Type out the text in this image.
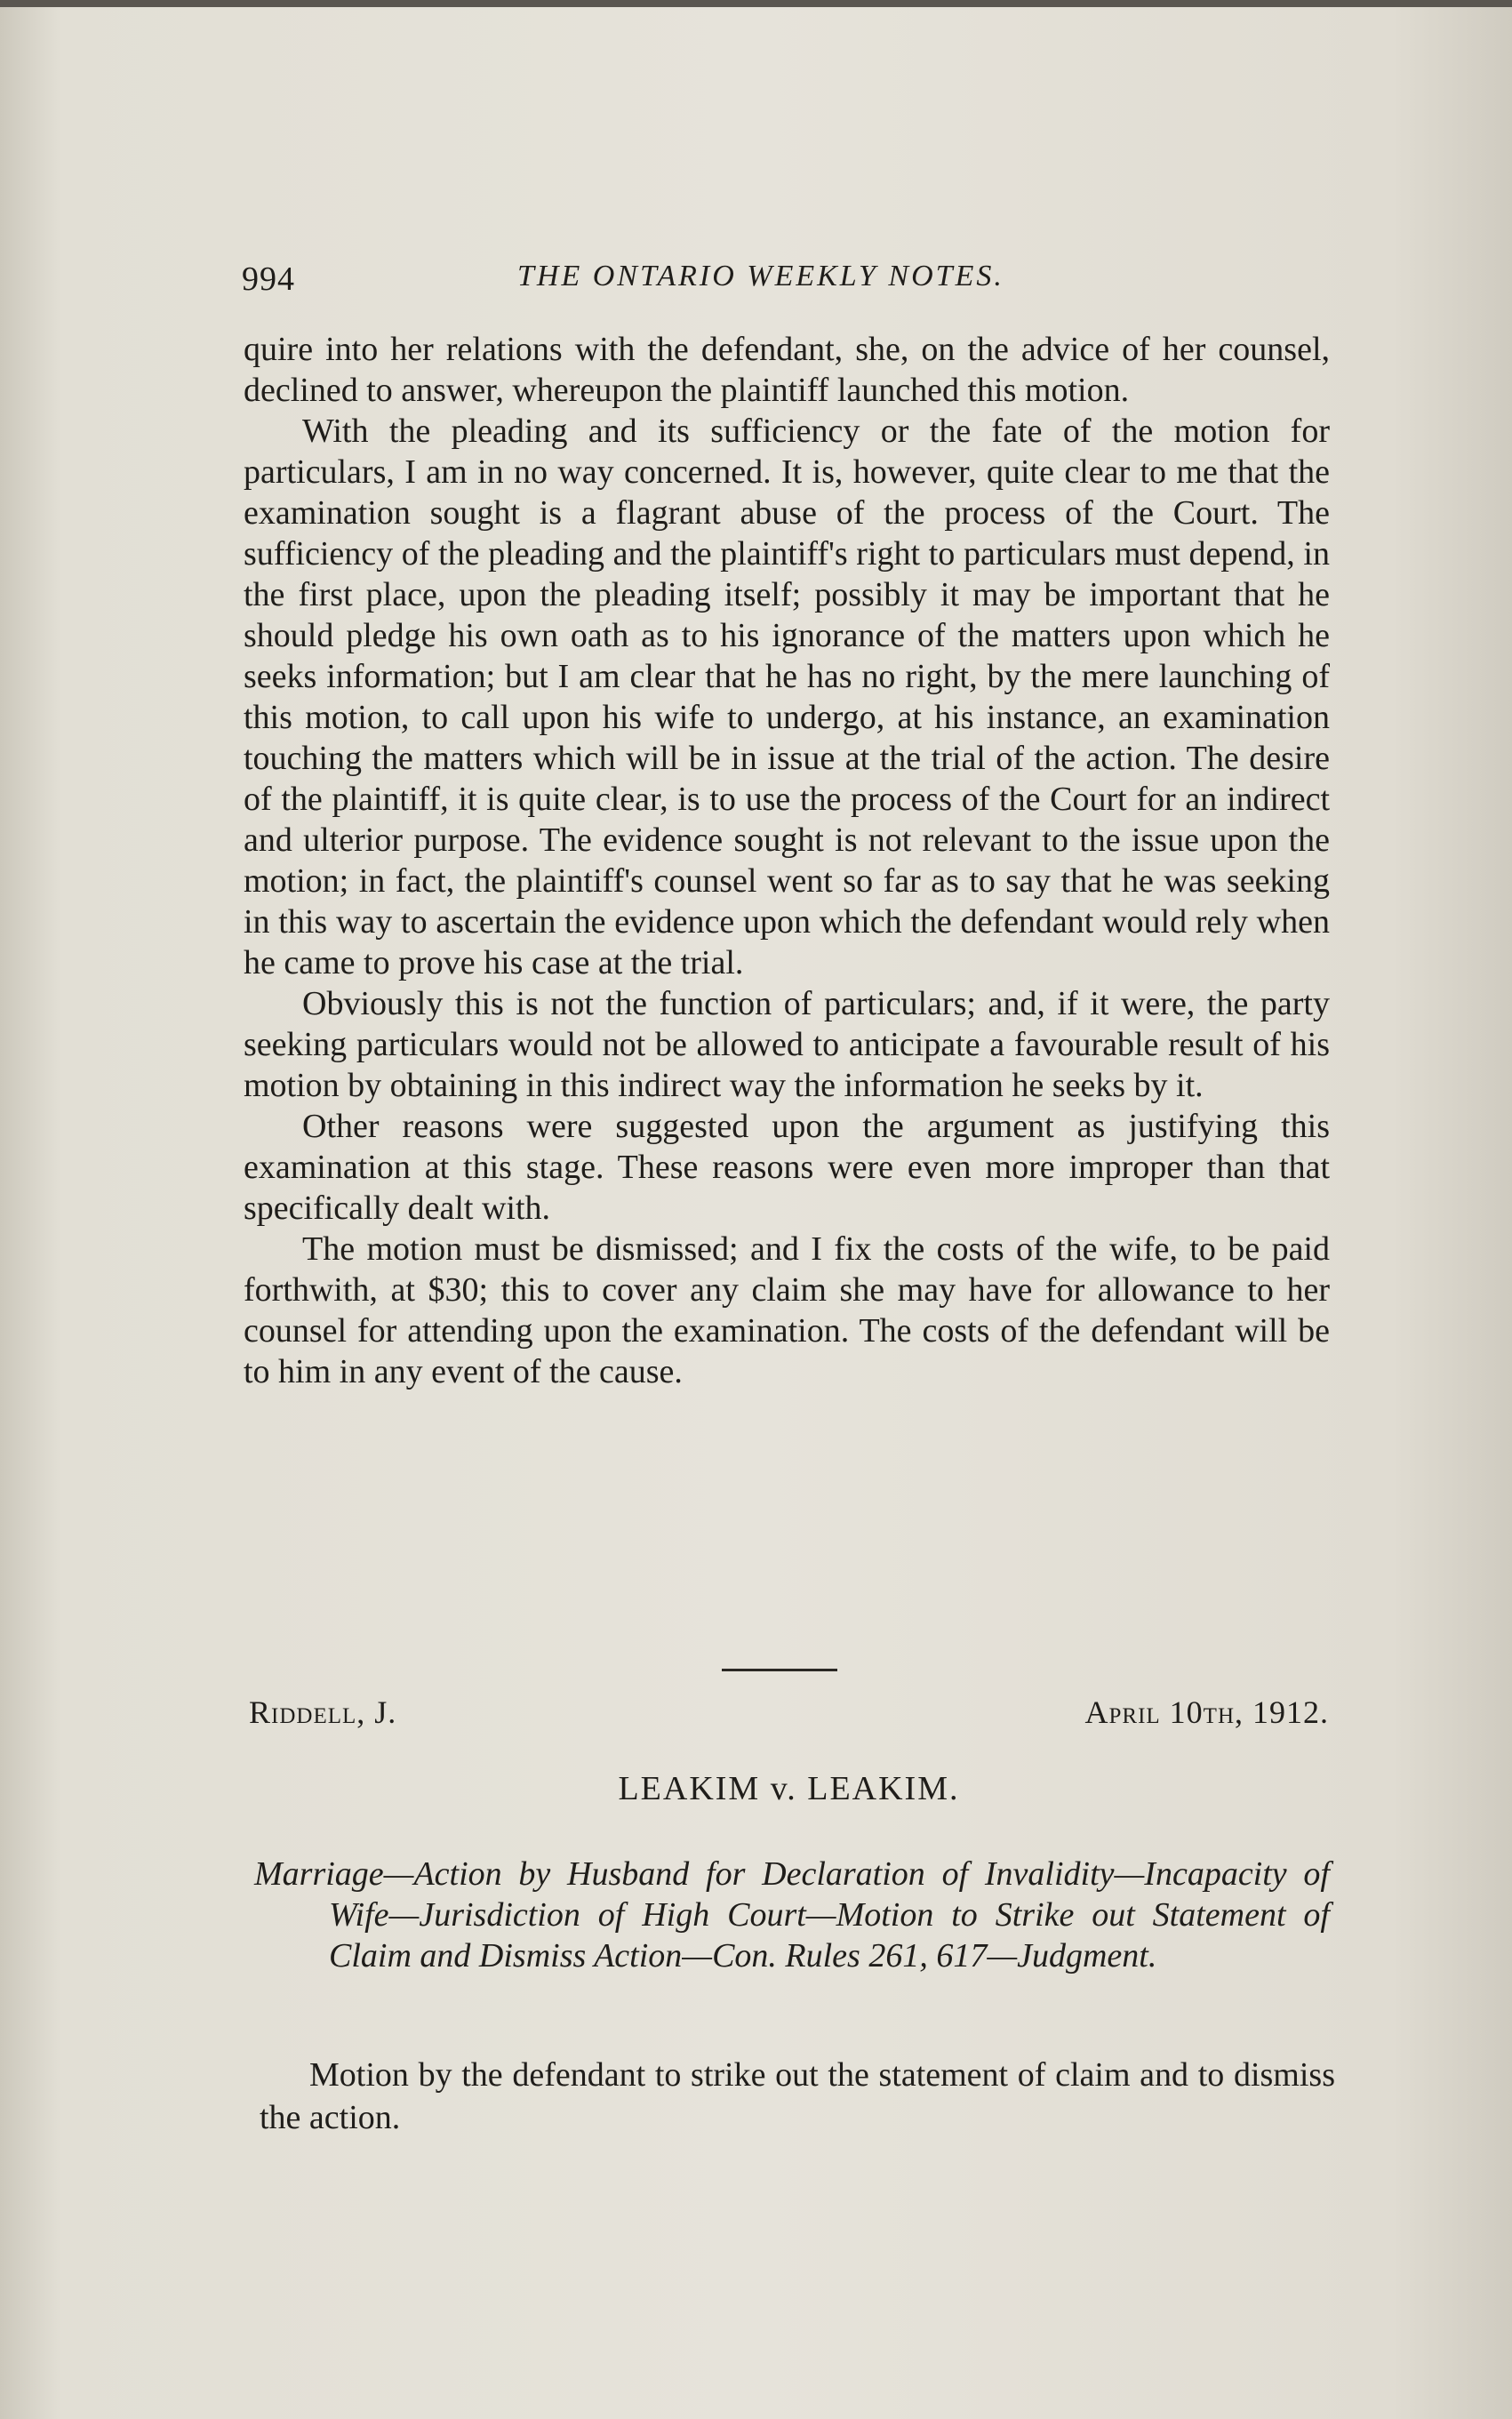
994	THE ONTARIO WEEKLY NOTES.

quire into her relations with the defendant, she, on the advice of her counsel, declined to answer, whereupon the plaintiff launched this motion.

With the pleading and its sufficiency or the fate of the motion for particulars, I am in no way concerned. It is, however, quite clear to me that the examination sought is a flagrant abuse of the process of the Court. The sufficiency of the pleading and the plaintiff's right to particulars must depend, in the first place, upon the pleading itself; possibly it may be important that he should pledge his own oath as to his ignorance of the matters upon which he seeks information; but I am clear that he has no right, by the mere launching of this motion, to call upon his wife to undergo, at his instance, an examination touching the matters which will be in issue at the trial of the action. The desire of the plaintiff, it is quite clear, is to use the process of the Court for an indirect and ulterior purpose. The evidence sought is not relevant to the issue upon the motion; in fact, the plaintiff's counsel went so far as to say that he was seeking in this way to ascertain the evidence upon which the defendant would rely when he came to prove his case at the trial.

Obviously this is not the function of particulars; and, if it were, the party seeking particulars would not be allowed to anticipate a favourable result of his motion by obtaining in this indirect way the information he seeks by it.

Other reasons were suggested upon the argument as justifying this examination at this stage. These reasons were even more improper than that specifically dealt with.

The motion must be dismissed; and I fix the costs of the wife, to be paid forthwith, at $30; this to cover any claim she may have for allowance to her counsel for attending upon the examination. The costs of the defendant will be to him in any event of the cause.

Riddell, J.	April 10th, 1912.
LEAKIM v. LEAKIM.
Marriage—Action by Husband for Declaration of Invalidity—Incapacity of Wife—Jurisdiction of High Court—Motion to Strike out Statement of Claim and Dismiss Action—Con. Rules 261, 617—Judgment.

Motion by the defendant to strike out the statement of claim and to dismiss the action.
